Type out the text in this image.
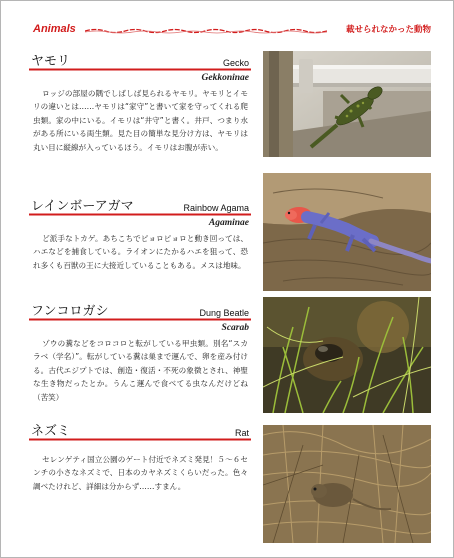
Animals	載せられなかった動物
ヤモリ	Gecko
Gekkoninae

ロッジの部屋の隅でしばしば見られるヤモリ。ヤモリとイモリの違いとは……ヤモリは“家守”と書いて家を守ってくれる爬虫類。家の中にいる。イモリは“井守”と書く。井戸、つまり水がある所にいる両生類。見た目の簡単な見分け方は、ヤモリは丸い目に縦線が入っているほう。イモリはお腹が赤い。

レインボーアガマ	Rainbow Agama
Agaminae

ど派手なトカゲ。あちこちでピョロピョロと動き回っては、ハエなどを捕食している。ライオンにたかるハエを狙って、恐れ多くも百獣の王に大接近していることもある。メスは地味。

フンコロガシ	Dung Beatle
Scarab

ゾウの糞などをコロコロと転がしている甲虫類。別名“スカラベ（学名）”。転がしている糞は巣まで運んで、卵を産み付ける。古代エジプトでは、創造・復活・不死の象徴とされ、神聖な生き物だったとか。うんこ運んで食べてる虫なんだけどね（苦笑）

ネズミ	Rat

セレンゲティ国立公園のゲート付近でネズミ発見！５～６センチの小さなネズミで、日本のカヤネズミくらいだった。色々調べたけれど、詳細は分からず……すまん。
